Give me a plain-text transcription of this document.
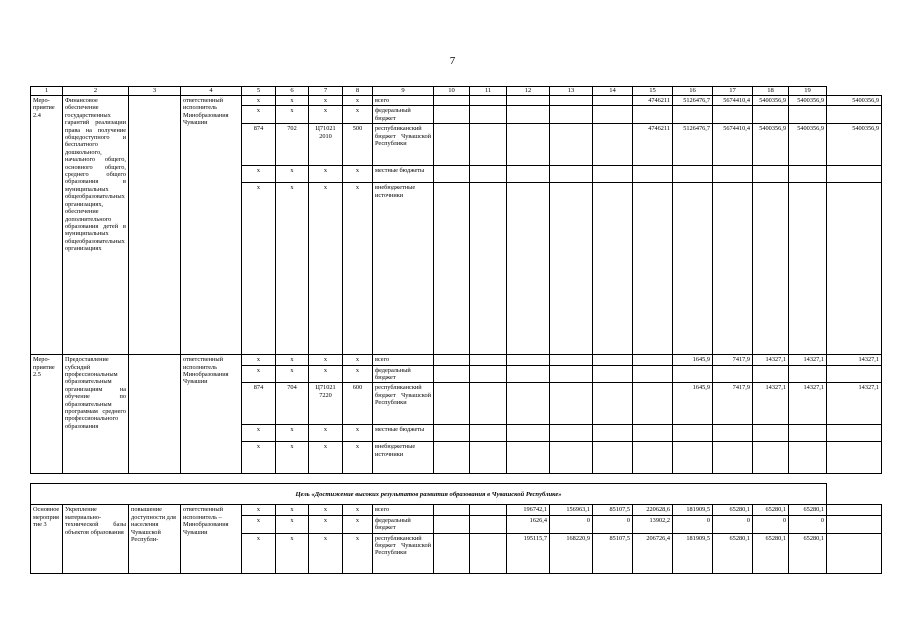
7
1	2	3	4	5	6	7	8	9	10	11	12	13	14	15	16	17	18	19	
Меро-приятие 2.4	Финансовое обеспечение государственных гарантий реализации права на получение общедоступного и бесплатного дошкольного, начального общего, основного общего, среднего общего образования в муниципальных общеобразовательных организациях, обеспечение дополнительного образования детей в муниципальных общеобразовательных организациях		ответственный исполнитель Минобразования Чувашии	x	x	x	x	всего						4746211	5126476,7	5674410,4	5400356,9	5400356,9	5400356,9
				x	x	x	x	федеральный бюджет											
				874	702	Ц71021 2010	500	республиканский бюджет Чувашской Республики						4746211	5126476,7	5674410,4	5400356,9	5400356,9	5400356,9
				x	x	x	x	местные бюджеты											
				x	x	x	x	внебюджетные источники											
Меро-приятие 2.5	Предоставление субсидий профессиональным образовательным организациям на обучение по образовательным программам среднего профессионального образования		ответственный исполнитель Минобразования Чувашии	x	x	x	x	всего							1645,9	7417,9	14327,1	14327,1	14327,1
				x	x	x	x	федеральный бюджет											
				874	704	Ц71021 7220	600	республиканский бюджет Чувашской Республики							1645,9	7417,9	14327,1	14327,1	14327,1
				x	x	x	x	местные бюджеты											
				x	x	x	x	внебюджетные источники											

Цель «Достижение высоких результатов развития образования в Чувашской Республике»																			
Основное мероприятие 3	Укрепление материально-технической базы объектов образования	повышение доступности для населения Чувашской Республи-	ответственный исполнитель – Минобразования Чувашии	x	x	x	x	всего			196742,1	156963,1	85107,5	220628,6	181909,5	65280,1	65280,1	65280,1	
				x	x	x	x	федеральный бюджет			1626,4	0	0	13902,2	0	0	0	0	
				x	x	x	x	республиканский бюджет Чувашской Республики			195115,7	168220,9	85107,5	206726,4	181909,5	65280,1	65280,1	65280,1	
